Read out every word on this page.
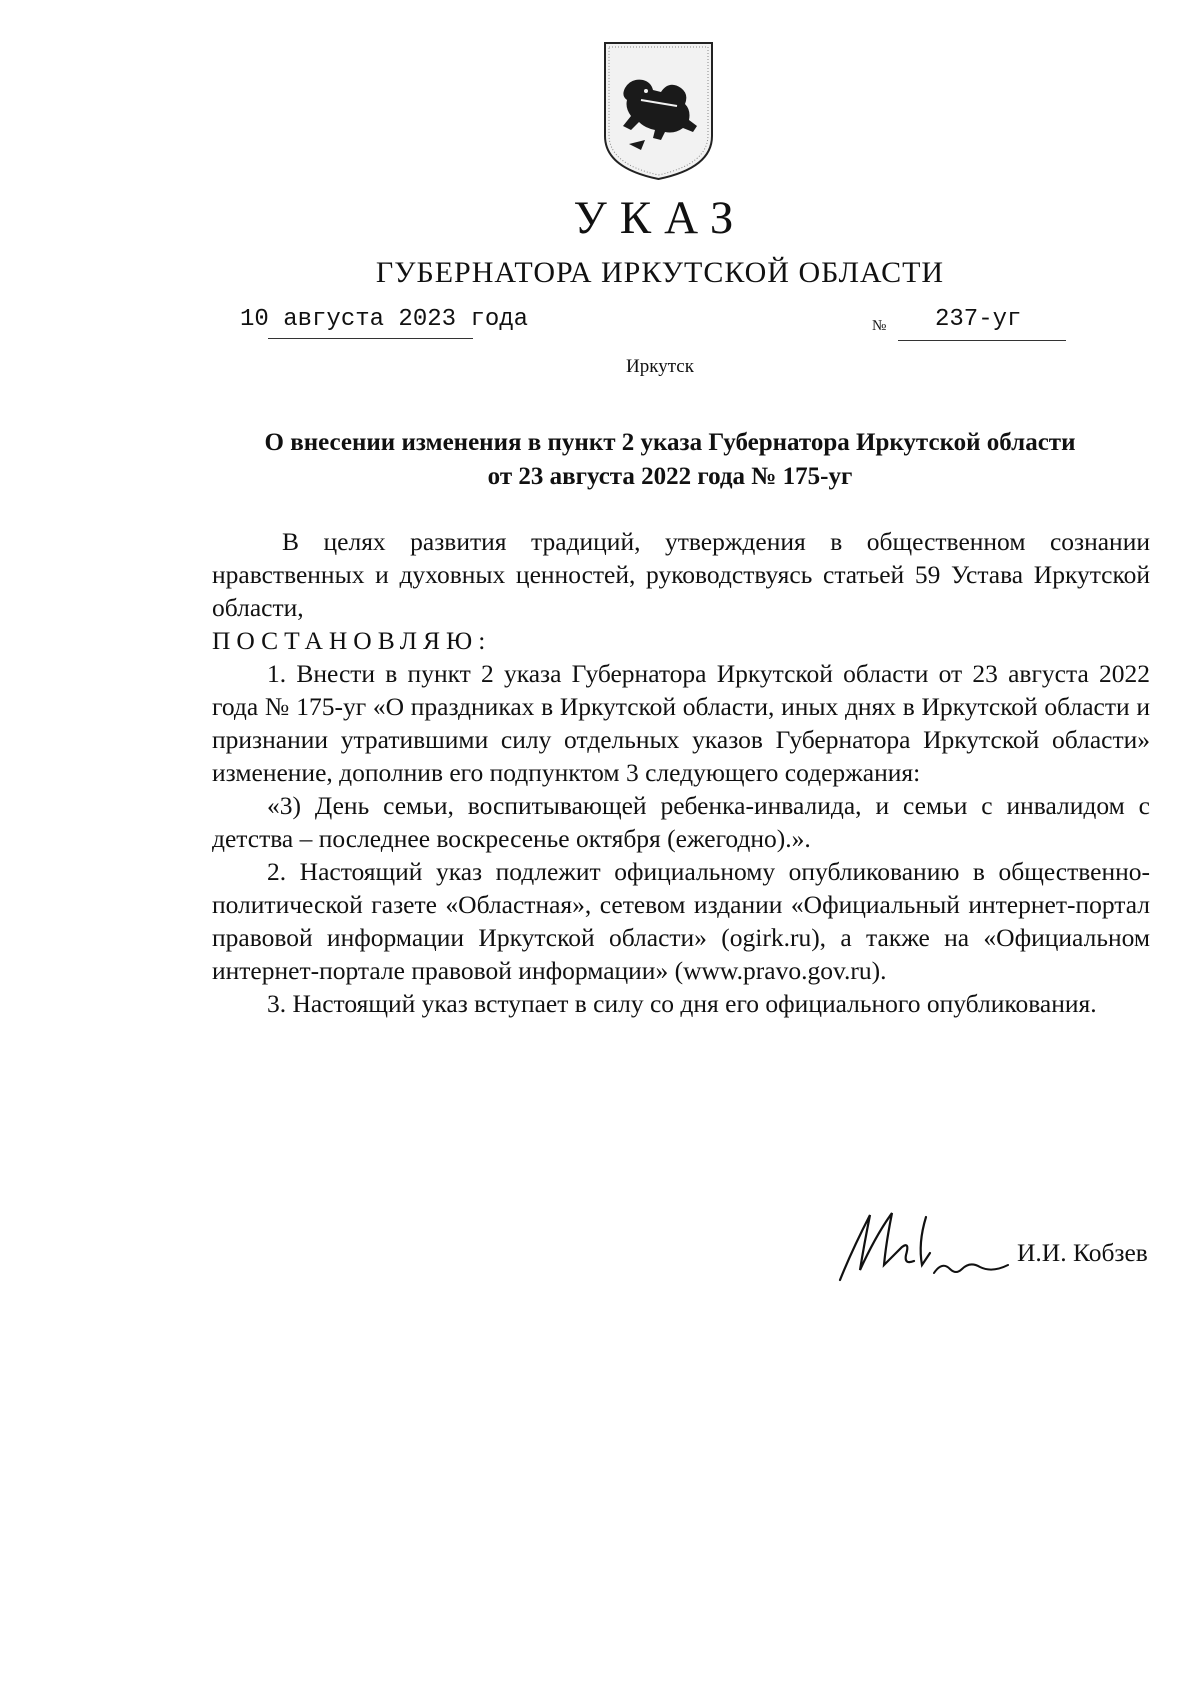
УКАЗ
ГУБЕРНАТОРА ИРКУТСКОЙ ОБЛАСТИ
10 августа 2023 года	№ 237-уг
Иркутск
О внесении изменения в пункт 2 указа Губернатора Иркутской области
от 23 августа 2022 года № 175-уг

В целях развития традиций, утверждения в общественном сознании нравственных и духовных ценностей, руководствуясь статьей 59 Устава Иркутской области,

ПОСТАНОВЛЯЮ:

1. Внести в пункт 2 указа Губернатора Иркутской области от 23 августа 2022 года № 175-уг «О праздниках в Иркутской области, иных днях в Иркутской области и признании утратившими силу отдельных указов Губернатора Иркутской области» изменение, дополнив его подпунктом 3 следующего содержания:

«3) День семьи, воспитывающей ребенка-инвалида, и семьи с инвалидом с детства – последнее воскресенье октября (ежегодно).».

2. Настоящий указ подлежит официальному опубликованию в общественно-политической газете «Областная», сетевом издании «Официальный интернет-портал правовой информации Иркутской области» (ogirk.ru), а также на «Официальном интернет-портале правовой информации» (www.pravo.gov.ru).

3. Настоящий указ вступает в силу со дня его официального опубликования.

И.И. Кобзев
